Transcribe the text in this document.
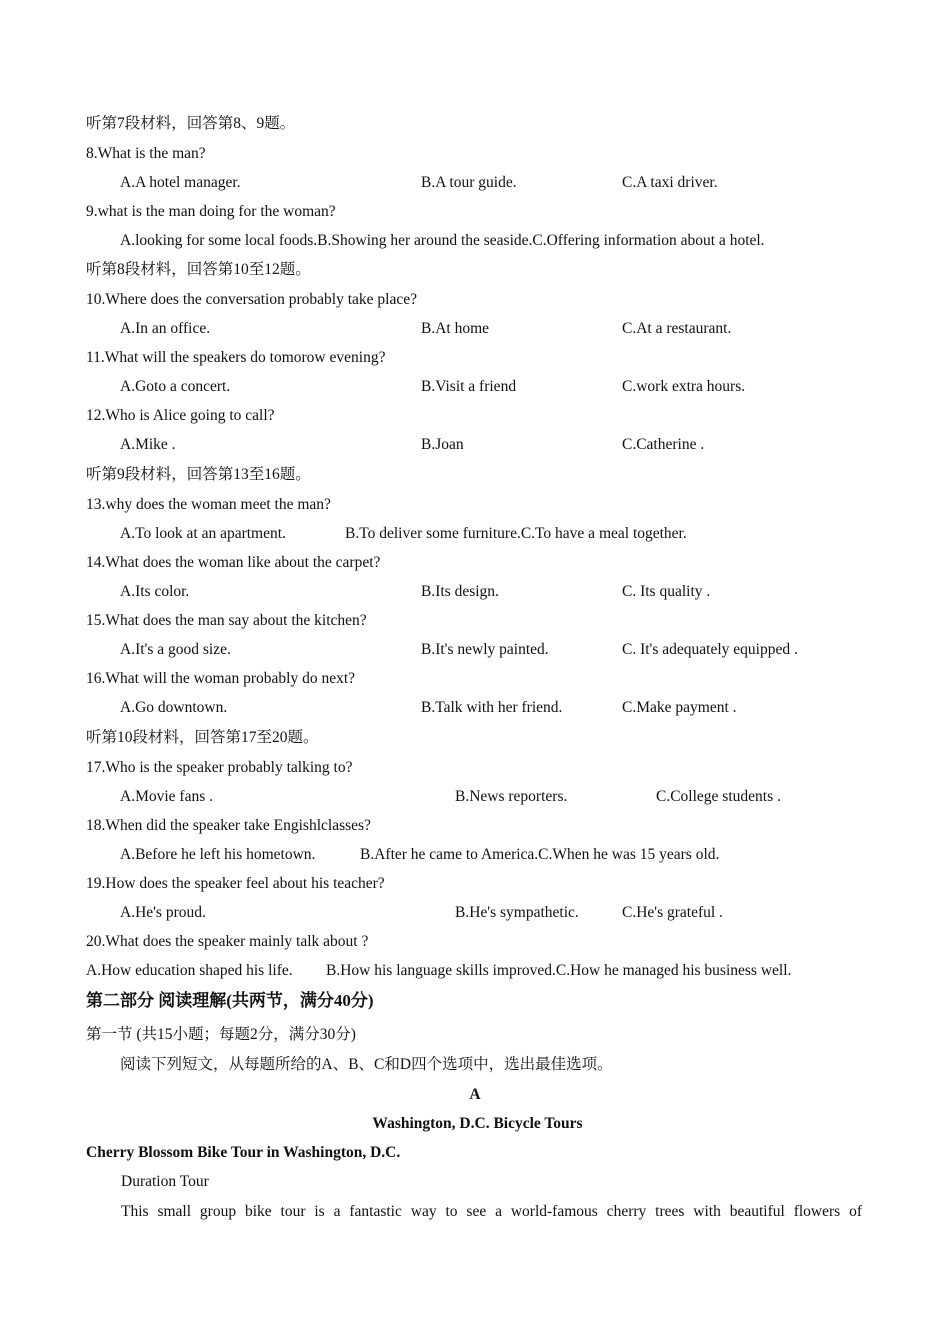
听第7段材料，回答第8、9题。
8.What is the man?
A.A hotel manager.	B.A tour guide.	C.A taxi driver.
9.what is the man doing for the woman?
A.looking for some local foods.B.Showing her around the seaside.C.Offering information about a hotel.
听第8段材料，回答第10至12题。
10.Where does the conversation probably take place?
A.In an office.	B.At home	C.At a restaurant.
11.What will the speakers do tomorow evening?
A.Goto a concert.	B.Visit a friend	C.work extra hours.
12.Who is Alice going to call?
A.Mike .	B.Joan	C.Catherine .
听第9段材料，回答第13至16题。
13.why does the woman meet the man?
A.To look at an apartment.	B.To deliver some furniture.C.To have a meal together.
14.What does the woman like about the carpet?
A.Its color.	B.Its design.	C. Its quality .
15.What does the man say about the kitchen?
A.It's a good size.	B.It's newly painted.	C. It's adequately equipped .
16.What will the woman probably do next?
A.Go downtown.	B.Talk with her friend.	C.Make payment .
听第10段材料，回答第17至20题。
17.Who is the speaker probably talking to?
A.Movie fans .	B.News reporters.	C.College students .
18.When did the speaker take Engishlclasses?
A.Before he left his hometown.	B.After he came to America.C.When he was 15 years old.
19.How does the speaker feel about his teacher?
A.He's proud.	B.He's sympathetic.	C.He's grateful .
20.What does the speaker mainly talk about ?
A.How education shaped his life. B.How his language skills improved.C.How he managed his business well.
第二部分 阅读理解(共两节，满分40分)
第一节 (共15小题；每题2分，满分30分)
阅读下列短文，从每题所给的A、B、C和D四个选项中，选出最佳选项。
A
Washington, D.C. Bicycle Tours
Cherry Blossom Bike Tour in Washington, D.C.
Duration Tour
This small group bike tour is a fantastic way to see a world-famous cherry trees with beautiful flowers of
